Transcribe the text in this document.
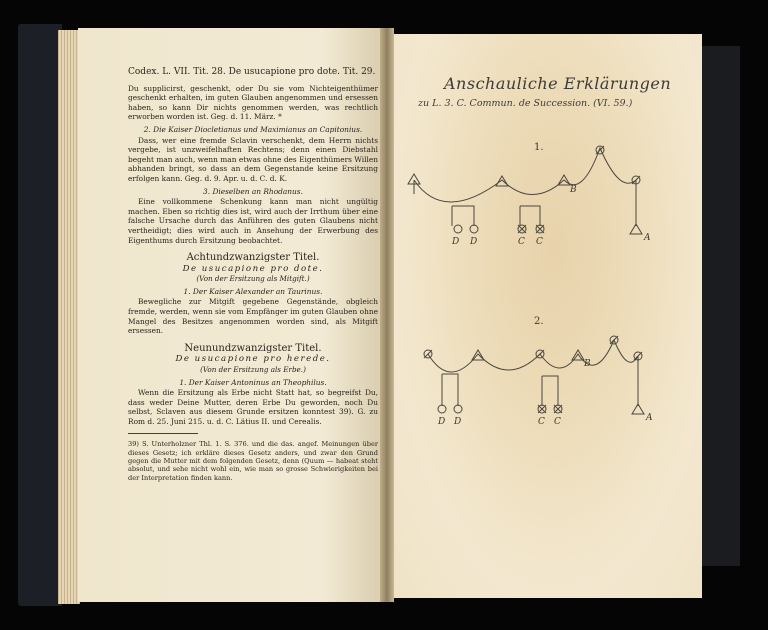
Codex. L. VII. Tit. 28. De usucapione pro dote. Tit. 29.

Du supplicirst, geschenkt, oder Du sie vom Nichteigenthümer geschenkt erhalten, im guten Glauben angenommen und ersessen haben, so kann Dir nichts genommen werden, was rechtlich erworben worden ist. Geg. d. 11. März. *

2. Die Kaiser Diocletianus und Maximianus an Capitonius.

Dass, wer eine fremde Sclavin verschenkt, dem Herrn nichts vergebe, ist unzweifelhaften Rechtens; denn einen Diebstahl begeht man auch, wenn man etwas ohne des Eigenthümers Willen abhanden bringt, so dass an dem Gegenstande keine Ersitzung erfolgen kann. Geg. d. 9. Apr. u. d. C. d. K.

3. Dieselben an Rhodanus.

Eine vollkommene Schenkung kann man nicht ungültig machen. Eben so richtig dies ist, wird auch der Irrthum über eine falsche Ursache durch das Anführen des guten Glaubens nicht vertheidigt; dies wird auch in Ansehung der Erwerbung des Eigenthums durch Ersitzung beobachtet.

Achtundzwanzigster Titel.
De usucapione pro dote.
(Von der Ersitzung als Mitgift.)
1. Der Kaiser Alexander an Taurinus.

Bewegliche zur Mitgift gegebene Gegenstände, obgleich fremde, werden, wenn sie vom Empfänger im guten Glauben ohne Mangel des Besitzes angenommen worden sind, als Mitgift ersessen.

Neunundzwanzigster Titel.
De usucapione pro herede.
(Von der Ersitzung als Erbe.)
1. Der Kaiser Antoninus an Theophilus.

Wenn die Ersitzung als Erbe nicht Statt hat, so begreifst Du, dass weder Deine Mutter, deren Erbe Du geworden, noch Du selbst, Sclaven aus diesem Grunde ersitzen konntest 39). G. zu Rom d. 25. Juni 215. u. d. C. Lätius II. und Cerealis.

39) S. Unterholzner Thl. 1. S. 376. und die das. angef. Meinungen über dieses Gesetz; ich erkläre dieses Gesetz anders, und zwar den Grund gegen die Mutter mit dem folgenden Gesetz, denn (Quum — habeat steht absolut, und sehe nicht wohl ein, wie man so grosse Schwierigkeiten bei der Interpretation finden kann.

Anschauliche Erklärungen
zu L. 3. C. Commun. de Succession. (VI. 59.)
1.
2.
D D	C C
B
A
D D	C C
B
A
